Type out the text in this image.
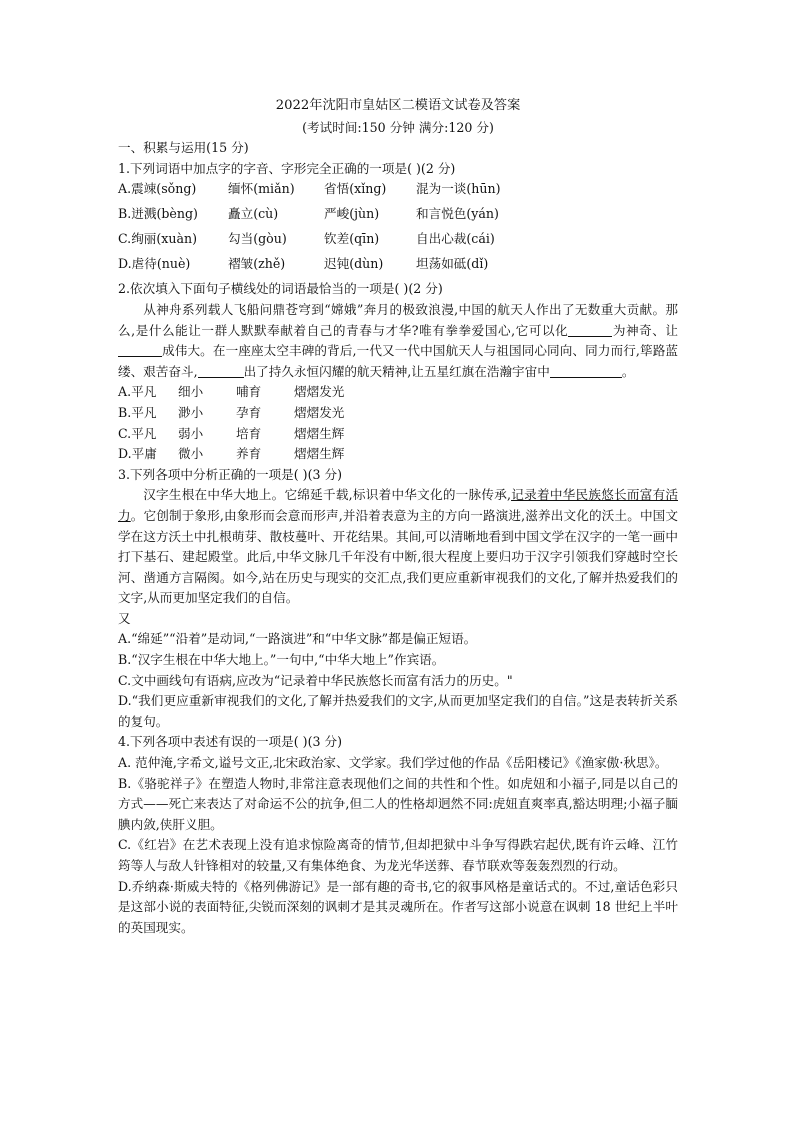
2022年沈阳市皇姑区二模语文试卷及答案
(考试时间:150 分钟 满分:120 分)
一、积累与运用(15 分)
1.下列词语中加点字的字音、字形完全正确的一项是( )(2 分)
A.震竦(sǒng)	缅怀(miǎn)	省悟(xǐnɡ)	混为一谈(hūn)
B.迸溅(bèng)	矗立(cù)	严峻(jùn)	和言悦色(yán)
C.绚丽(xuàn)	勾当(gòu)	钦差(qīn)	自出心裁(cái)
D.虐待(nuè)	褶皱(zhě)	迟钝(dùn)	坦荡如砥(dǐ)
2.依次填入下面句子横线处的词语最恰当的一项是( )(2 分)
从神舟系列载人飞船问鼎苍穹到“嫦娥”奔月的极致浪漫,中国的航天人作出了无数重大贡献。那么,是什么能让一群人默默奉献着自己的青春与才华?唯有拳拳爱国心,它可以化	为神奇、让成伟大。在一座座太空丰碑的背后,一代又一代中国航天人与祖国同心同向、同力而行,筚路蓝缕、艰苦奋斗,	出了持久永恒闪耀的航天精神,让五星红旗在浩瀚宇宙中	。
A.平凡	细小	哺育	熠熠发光
B.平凡	渺小	孕育	熠熠发光
C.平凡	弱小	培育	熠熠生辉
D.平庸	微小	养育	熠熠生辉
3.下列各项中分析正确的一项是( )(3 分)
汉字生根在中华大地上。它绵延千载,标识着中华文化的一脉传承,记录着中华民族悠长而富有活力。它创制于象形,由象形而会意而形声,并沿着表意为主的方向一路演进,滋养出文化的沃土。中国文学在这方沃土中扎根萌芽、散枝蔓叶、开花结果。其间,可以清晰地看到中国文学在汉字的一笔一画中打下基石、建起殿堂。此后,中华文脉几千年没有中断,很大程度上要归功于汉字引领我们穿越时空长河、凿通方言隔阂。如今,站在历史与现实的交汇点,我们更应重新审视我们的文化,了解并热爱我们的文字,从而更加坚定我们的自信。
又
A.“绵延”“沿着”是动词,“一路演进”和“中华文脉”都是偏正短语。
B.“汉字生根在中华大地上。”一句中,“中华大地上”作宾语。
C.文中画线句有语病,应改为“记录着中华民族悠长而富有活力的历史。"
D.“我们更应重新审视我们的文化,了解并热爱我们的文字,从而更加坚定我们的自信。”这是表转折关系的复句。
4.下列各项中表述有误的一项是( )(3 分)
A. 范仲淹,字希文,谥号文正,北宋政治家、文学家。我们学过他的作品《岳阳楼记》《渔家傲·秋思》。
B.《骆驼祥子》在塑造人物时,非常注意表现他们之间的共性和个性。如虎妞和小福子,同是以自己的方式——死亡来表达了对命运不公的抗争,但二人的性格却迥然不同:虎妞直爽率真,豁达明理;小福子腼腆内敛,侠肝义胆。
C.《红岩》在艺术表现上没有追求惊险离奇的情节,但却把狱中斗争写得跌宕起伏,既有许云峰、江竹筠等人与敌人针锋相对的较量,又有集体绝食、为龙光华送葬、春节联欢等轰轰烈烈的行动。
D.乔纳森·斯威夫特的《格列佛游记》是一部有趣的奇书,它的叙事风格是童话式的。不过,童话色彩只是这部小说的表面特征,尖锐而深刻的讽刺才是其灵魂所在。作者写这部小说意在讽刺 18 世纪上半叶的英国现实。
